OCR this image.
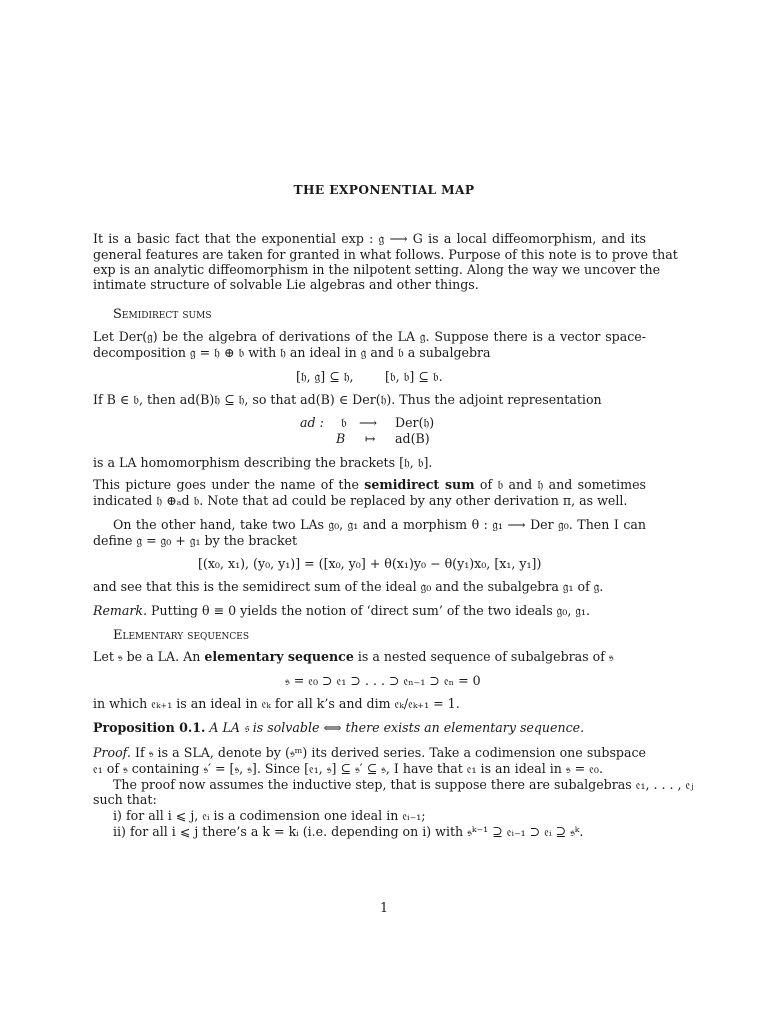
THE EXPONENTIAL MAP
It is a basic fact that the exponential exp : 𝔤 ⟶ G is a local diffeomorphism, and its
general features are taken for granted in what follows. Purpose of this note is to prove that
exp is an analytic diffeomorphism in the nilpotent setting. Along the way we uncover the
intimate structure of solvable Lie algebras and other things.
Semidirect sums
Let Der(𝔤) be the algebra of derivations of the LA 𝔤. Suppose there is a vector space-
decomposition 𝔤 = 𝔥 ⊕ 𝔟 with 𝔥 an ideal in 𝔤 and 𝔟 a subalgebra
[𝔥, 𝔤] ⊆ 𝔥,	[𝔟, 𝔟] ⊆ 𝔟.
If B ∈ 𝔟, then ad(B)𝔥 ⊆ 𝔥, so that ad(B) ∈ Der(𝔥). Thus the adjoint representation
ad : 𝔟 ⟶ Der(𝔥)
B ↦ ad(B)
is a LA homomorphism describing the brackets [𝔥, 𝔟].
This picture goes under the name of the semidirect sum of 𝔟 and 𝔥 and sometimes
indicated 𝔥 ⊕ₐd 𝔟. Note that ad could be replaced by any other derivation π, as well.
On the other hand, take two LAs 𝔤₀, 𝔤₁ and a morphism θ : 𝔤₁ ⟶ Der 𝔤₀. Then I can
define 𝔤 = 𝔤₀ + 𝔤₁ by the bracket
[(x₀, x₁), (y₀, y₁)] = ([x₀, y₀] + θ(x₁)y₀ − θ(y₁)x₀, [x₁, y₁])
and see that this is the semidirect sum of the ideal 𝔤₀ and the subalgebra 𝔤₁ of 𝔤.
Remark. Putting θ ≡ 0 yields the notion of ‘direct sum’ of the two ideals 𝔤₀, 𝔤₁.
Elementary sequences
Let 𝔰 be a LA. An elementary sequence is a nested sequence of subalgebras of 𝔰
𝔰 = 𝔢₀ ⊃ 𝔢₁ ⊃ . . . ⊃ 𝔢ₙ₋₁ ⊃ 𝔢ₙ = 0
in which 𝔢ₖ₊₁ is an ideal in 𝔢ₖ for all k’s and dim 𝔢ₖ/𝔢ₖ₊₁ = 1.
Proposition 0.1. A LA 𝔰 is solvable ⟺ there exists an elementary sequence.
Proof. If 𝔰 is a SLA, denote by (𝔰ᵐ) its derived series. Take a codimension one subspace
𝔢₁ of 𝔰 containing 𝔰′ = [𝔰, 𝔰]. Since [𝔢₁, 𝔰] ⊆ 𝔰′ ⊆ 𝔰, I have that 𝔢₁ is an ideal in 𝔰 = 𝔢₀.
The proof now assumes the inductive step, that is suppose there are subalgebras 𝔢₁, . . . , 𝔢ⱼ
such that:
i) for all i ⩽ j, 𝔢ᵢ is a codimension one ideal in 𝔢ᵢ₋₁;
ii) for all i ⩽ j there’s a k = kᵢ (i.e. depending on i) with 𝔰ᵏ⁻¹ ⊇ 𝔢ᵢ₋₁ ⊃ 𝔢ᵢ ⊇ 𝔰ᵏ.
1
